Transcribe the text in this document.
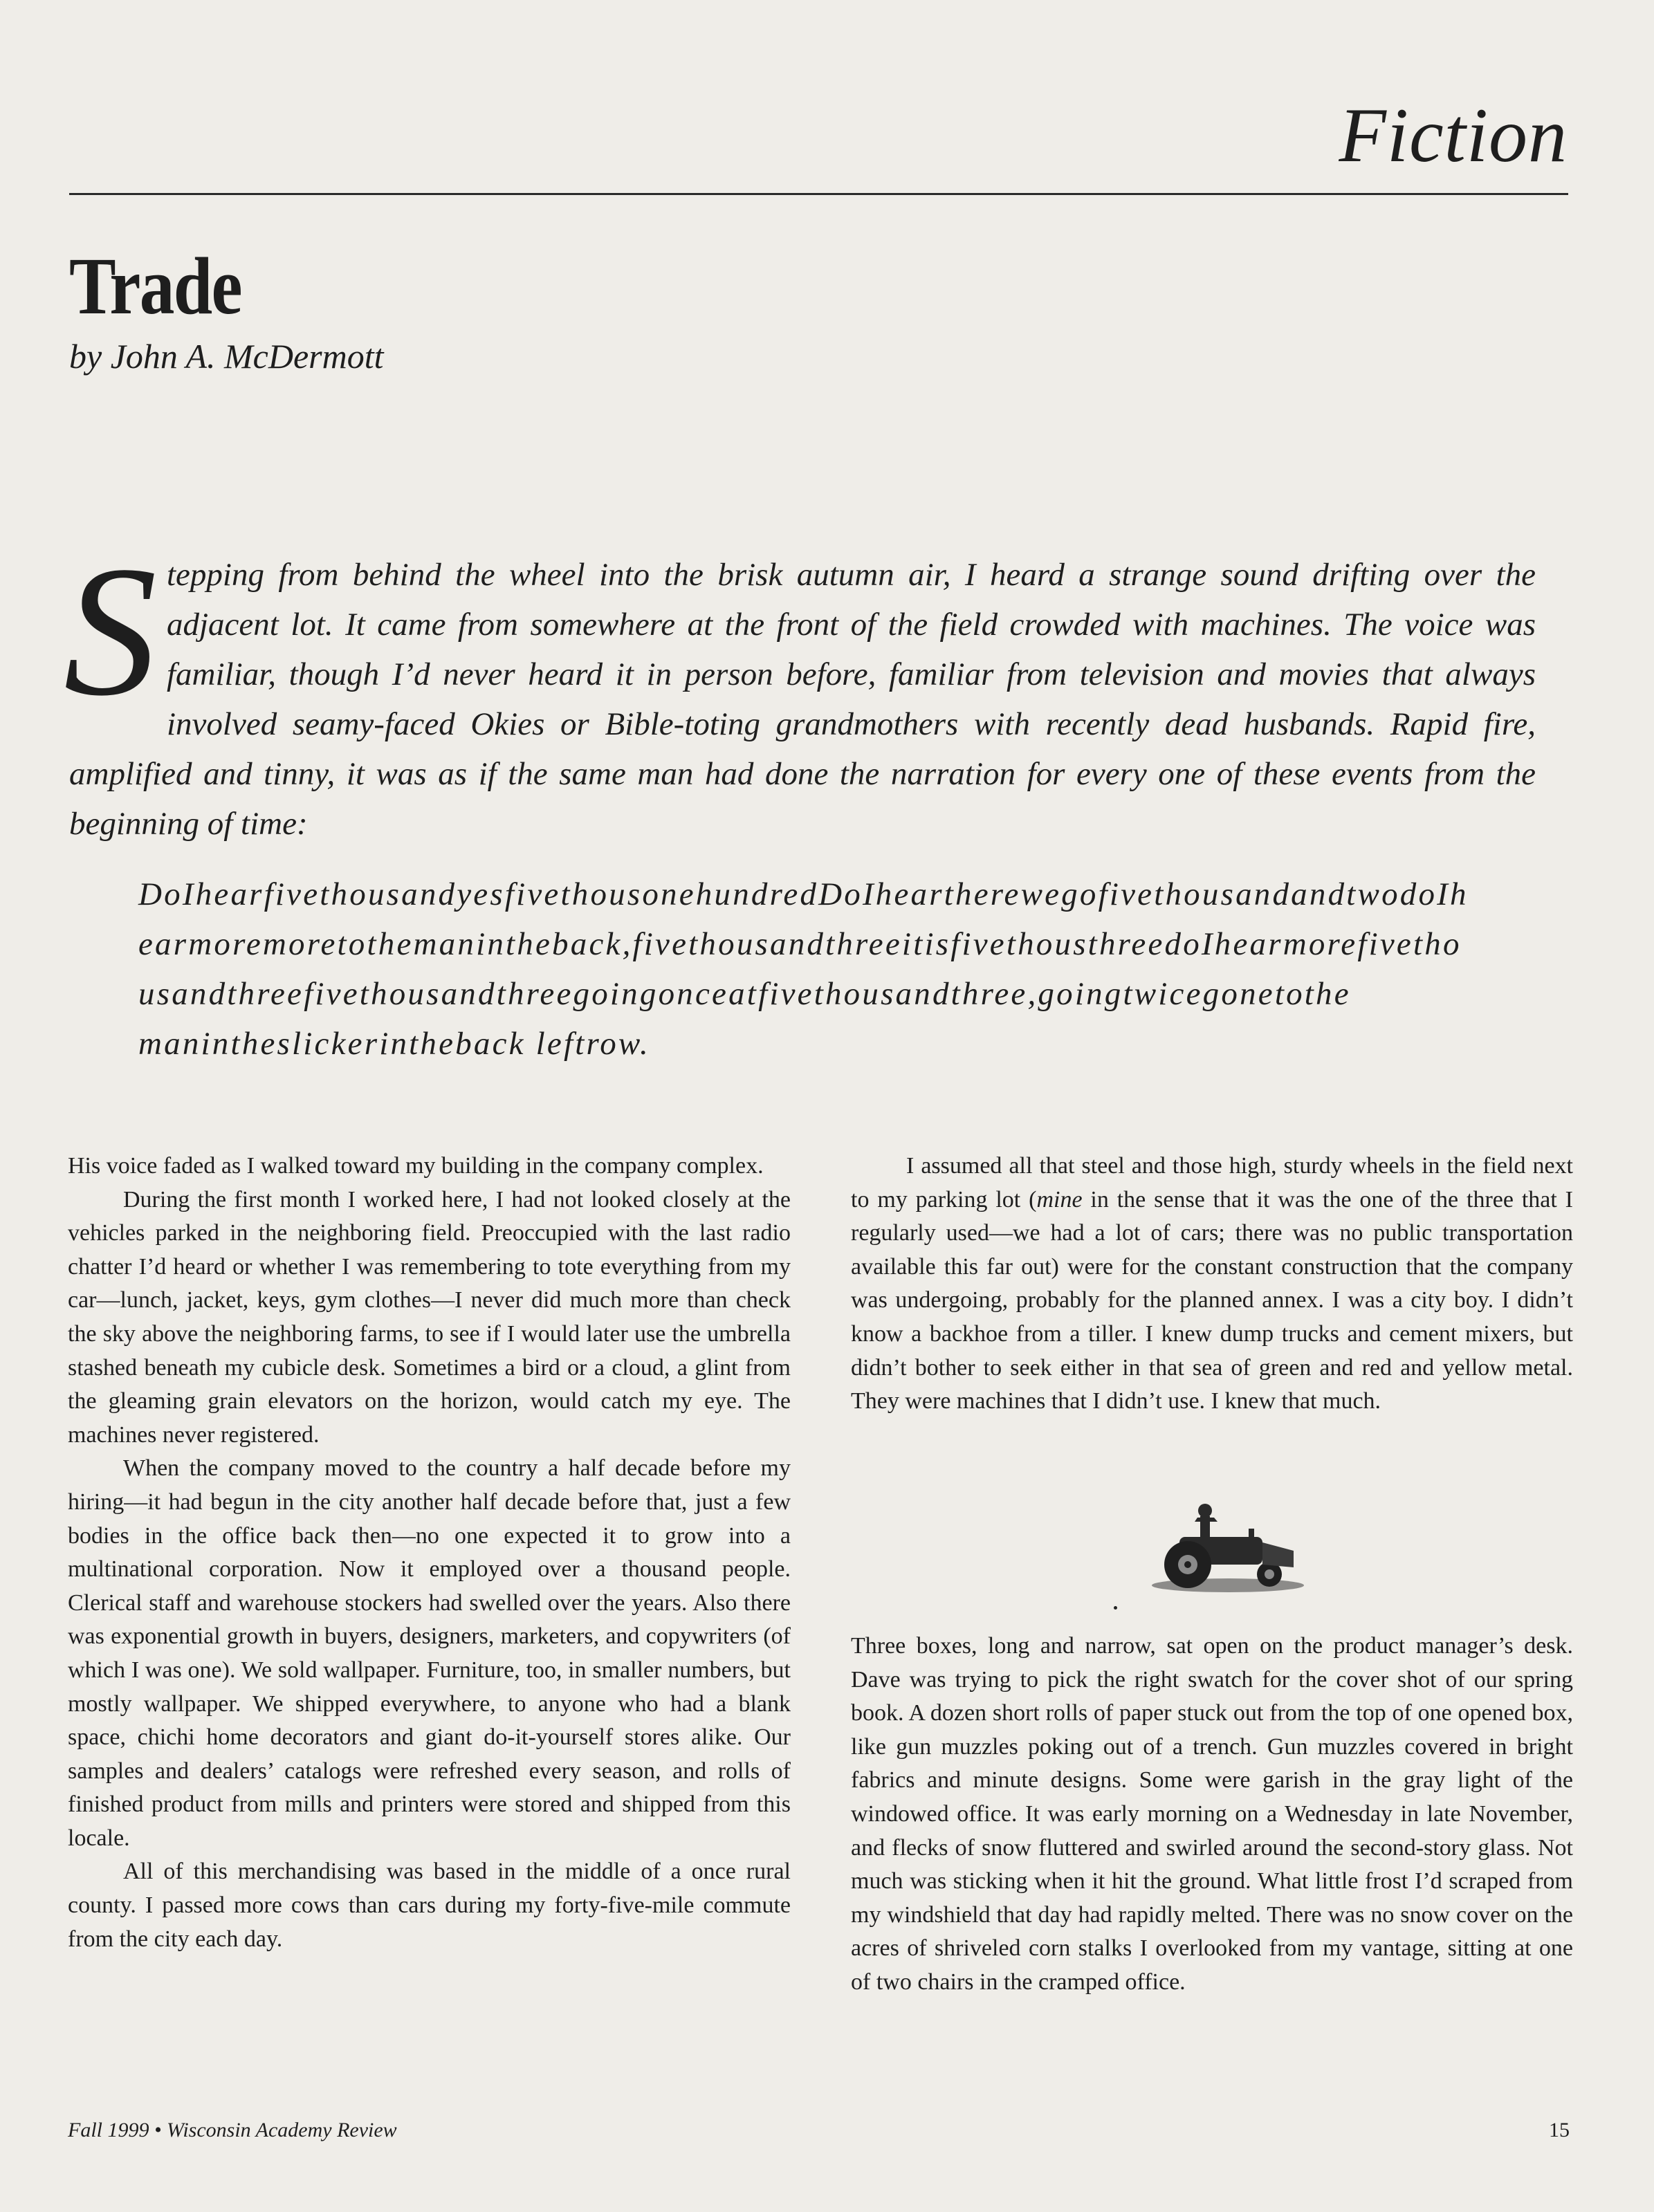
Fiction
Trade
by John A. McDermott
Stepping from behind the wheel into the brisk autumn air, I heard a strange sound drifting over the adjacent lot. It came from somewhere at the front of the field crowded with machines. The voice was familiar, though I’d never heard it in person before, familiar from television and movies that always involved seamy-faced Okies or Bible-toting grandmothers with recently dead husbands. Rapid fire, amplified and tinny, it was as if the same man had done the narration for every one of these events from the beginning of time:
DoIhearfivethousandyesfivethousonehundredDoIheartherewegofivethousandandtwodoIh
earmoremoretothemanintheback,fivethousandthreeitisfivethousthreedoIhearmorefivetho
usandthreefivethousandthreegoingonceatfivethousandthree,goingtwicegonetothe
manintheslickerintheback leftrow.

His voice faded as I walked toward my building in the company complex.

During the first month I worked here, I had not looked closely at the vehicles parked in the neighboring field. Preoccupied with the last radio chatter I’d heard or whether I was remembering to tote everything from my car—lunch, jacket, keys, gym clothes—I never did much more than check the sky above the neighboring farms, to see if I would later use the umbrella stashed beneath my cubicle desk. Sometimes a bird or a cloud, a glint from the gleaming grain elevators on the horizon, would catch my eye. The machines never registered.

When the company moved to the country a half decade before my hiring—it had begun in the city another half decade before that, just a few bodies in the office back then—no one expected it to grow into a multinational corporation. Now it employed over a thousand people. Clerical staff and warehouse stockers had swelled over the years. Also there was exponential growth in buyers, designers, marketers, and copywriters (of which I was one). We sold wallpaper. Furniture, too, in smaller numbers, but mostly wallpaper. We shipped everywhere, to anyone who had a blank space, chichi home decorators and giant do-it-yourself stores alike. Our samples and dealers’ catalogs were refreshed every season, and rolls of finished product from mills and printers were stored and shipped from this locale.

All of this merchandising was based in the middle of a once rural county. I passed more cows than cars during my forty-five-mile commute from the city each day.

I assumed all that steel and those high, sturdy wheels in the field next to my parking lot (mine in the sense that it was the one of the three that I regularly used—we had a lot of cars; there was no public transportation available this far out) were for the constant construction that the company was undergoing, probably for the planned annex. I was a city boy. I didn’t know a backhoe from a tiller. I knew dump trucks and cement mixers, but didn’t bother to seek either in that sea of green and red and yellow metal. They were machines that I didn’t use. I knew that much.

Three boxes, long and narrow, sat open on the product manager’s desk. Dave was trying to pick the right swatch for the cover shot of our spring book. A dozen short rolls of paper stuck out from the top of one opened box, like gun muzzles poking out of a trench. Gun muzzles covered in bright fabrics and minute designs. Some were garish in the gray light of the windowed office. It was early morning on a Wednesday in late November, and flecks of snow fluttered and swirled around the second-story glass. Not much was sticking when it hit the ground. What little frost I’d scraped from my windshield that day had rapidly melted. There was no snow cover on the acres of shriveled corn stalks I overlooked from my vantage, sitting at one of two chairs in the cramped office.

Fall 1999 • Wisconsin Academy Review	15
